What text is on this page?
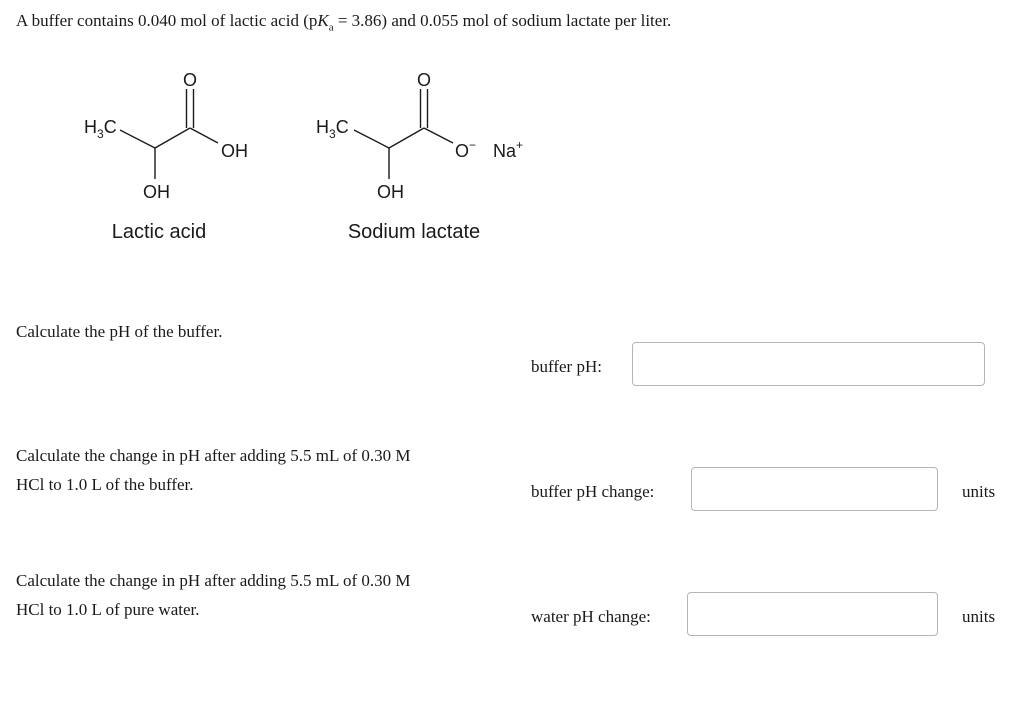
A buffer contains 0.040 mol of lactic acid $(pK_a = 3.86)$ and 0.055 mol of sodium lactate per liter.
$H_3C$
O
OH
OH
Lactic acid
$H_3C$
O
O− Na+
OH
Sodium lactate
Calculate the pH of the buffer.
buffer pH:
Calculate the change in pH after adding 5.5 mL of 0.30 M HCl to 1.0 L of the buffer.	buffer pH change:	units
Calculate the change in pH after adding 5.5 mL of 0.30 M HCl to 1.0 L of pure water.	water pH change:	units
